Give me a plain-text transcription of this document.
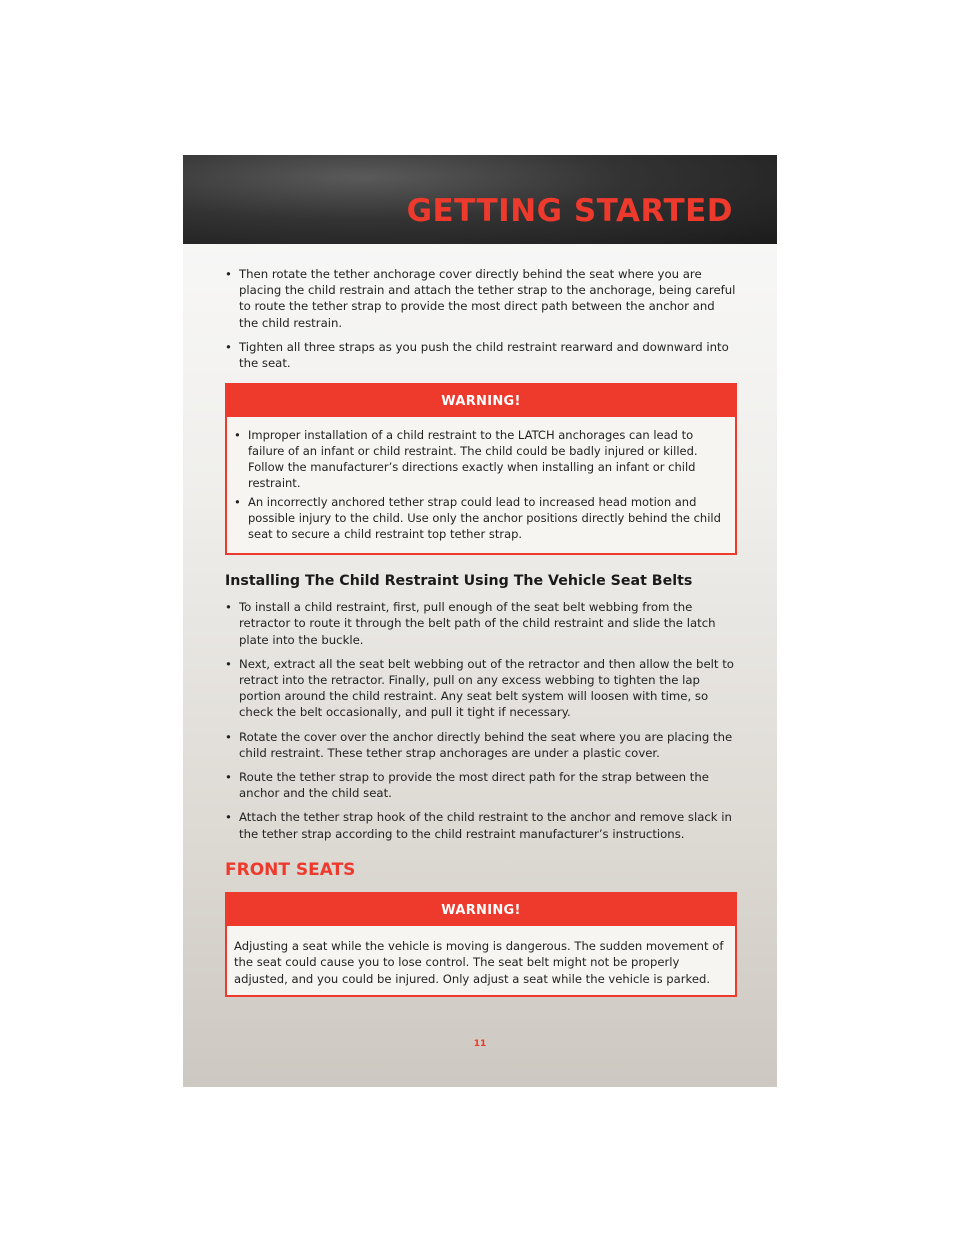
GETTING STARTED
• Then rotate the tether anchorage cover directly behind the seat where you are placing the child restrain and attach the tether strap to the anchorage, being careful to route the tether strap to provide the most direct path between the anchor and the child restrain.
• Tighten all three straps as you push the child restraint rearward and downward into the seat.
WARNING!
• Improper installation of a child restraint to the LATCH anchorages can lead to failure of an infant or child restraint. The child could be badly injured or killed. Follow the manufacturer’s directions exactly when installing an infant or child restraint.
• An incorrectly anchored tether strap could lead to increased head motion and possible injury to the child. Use only the anchor positions directly behind the child seat to secure a child restraint top tether strap.
Installing The Child Restraint Using The Vehicle Seat Belts
• To install a child restraint, first, pull enough of the seat belt webbing from the retractor to route it through the belt path of the child restraint and slide the latch plate into the buckle.
• Next, extract all the seat belt webbing out of the retractor and then allow the belt to retract into the retractor. Finally, pull on any excess webbing to tighten the lap portion around the child restraint. Any seat belt system will loosen with time, so check the belt occasionally, and pull it tight if necessary.
• Rotate the cover over the anchor directly behind the seat where you are placing the child restraint. These tether strap anchorages are under a plastic cover.
• Route the tether strap to provide the most direct path for the strap between the anchor and the child seat.
• Attach the tether strap hook of the child restraint to the anchor and remove slack in the tether strap according to the child restraint manufacturer’s instructions.
FRONT SEATS
WARNING!

Adjusting a seat while the vehicle is moving is dangerous. The sudden movement of the seat could cause you to lose control. The seat belt might not be properly adjusted, and you could be injured. Only adjust a seat while the vehicle is parked.

11
